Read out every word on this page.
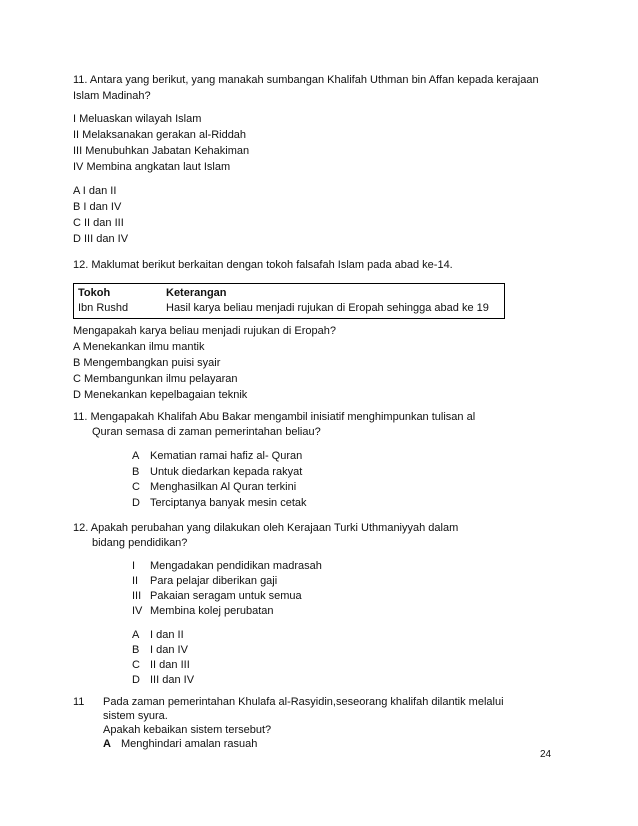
11. Antara yang berikut, yang manakah sumbangan Khalifah Uthman bin Affan kepada kerajaan
Islam Madinah?
I Meluaskan wilayah Islam
II Melaksanakan gerakan al-Riddah
III Menubuhkan Jabatan Kehakiman
IV Membina angkatan laut Islam
A I dan II
B I dan IV
C II dan III
D III dan IV
12. Maklumat berikut berkaitan dengan tokoh falsafah Islam pada abad ke-14.
Tokoh	Keterangan
Ibn Rushd	Hasil karya beliau menjadi rujukan di Eropah sehingga abad ke 19
Mengapakah karya beliau menjadi rujukan di Eropah?
A Menekankan ilmu mantik
B Mengembangkan puisi syair
C Membangunkan ilmu pelayaran
D Menekankan kepelbagaian teknik
11. Mengapakah Khalifah Abu Bakar mengambil inisiatif menghimpunkan tulisan al
Quran semasa di zaman pemerintahan beliau?
A Kematian ramai hafiz al- Quran
B Untuk diedarkan kepada rakyat
C Menghasilkan Al Quran terkini
D Terciptanya banyak mesin cetak
12. Apakah perubahan yang dilakukan oleh Kerajaan Turki Uthmaniyyah dalam
bidang pendidikan?
I Mengadakan pendidikan madrasah
II Para pelajar diberikan gaji
III Pakaian seragam untuk semua
IV Membina kolej perubatan
A I dan II
B I dan IV
C II dan III
D III dan IV
11 Pada zaman pemerintahan Khulafa al-Rasyidin,seseorang khalifah dilantik melalui
sistem syura.
Apakah kebaikan sistem tersebut?
A Menghindari amalan rasuah
24
